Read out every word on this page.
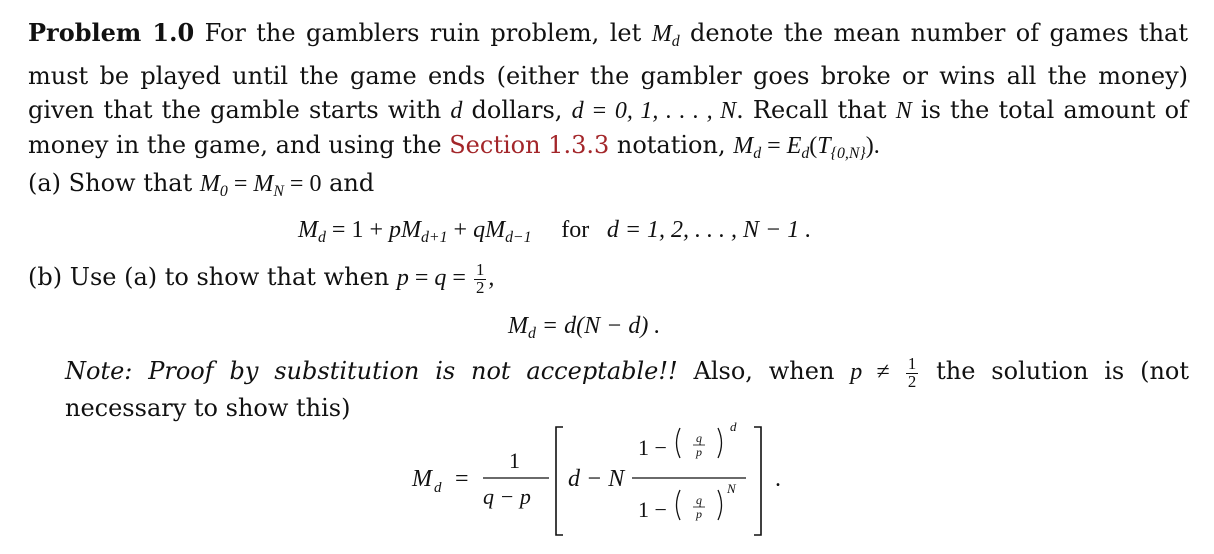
Problem 1.0 For the gamblers ruin problem, let $M_d$ denote the mean number of games that must be played until the game ends (either the gambler goes broke or wins all the money) given that the gamble starts with d dollars, d = 0, 1, . . . , N. Recall that N is the total amount of money in the game, and using the Section 1.3.3 notation, $M_d = E_d(T_{\{0,N\}})$.
(a) Show that $M_0 = M_N = 0$ and
$M_d = 1 + pM_{d+1} + qM_{d-1}$ for d = 1, 2, . . . , N − 1 .
(b) Use (a) to show that when $p = q = \frac{1}{2}$ ,
$M_d = d(N - d)$ .
Note: Proof by substitution is not acceptable!! Also, when $p \ne \frac{1}{2}$ the solution is (not necessary to show this)
M d =
1
q − p
d − N
1 − q
p
d
1 − q
p
N .
